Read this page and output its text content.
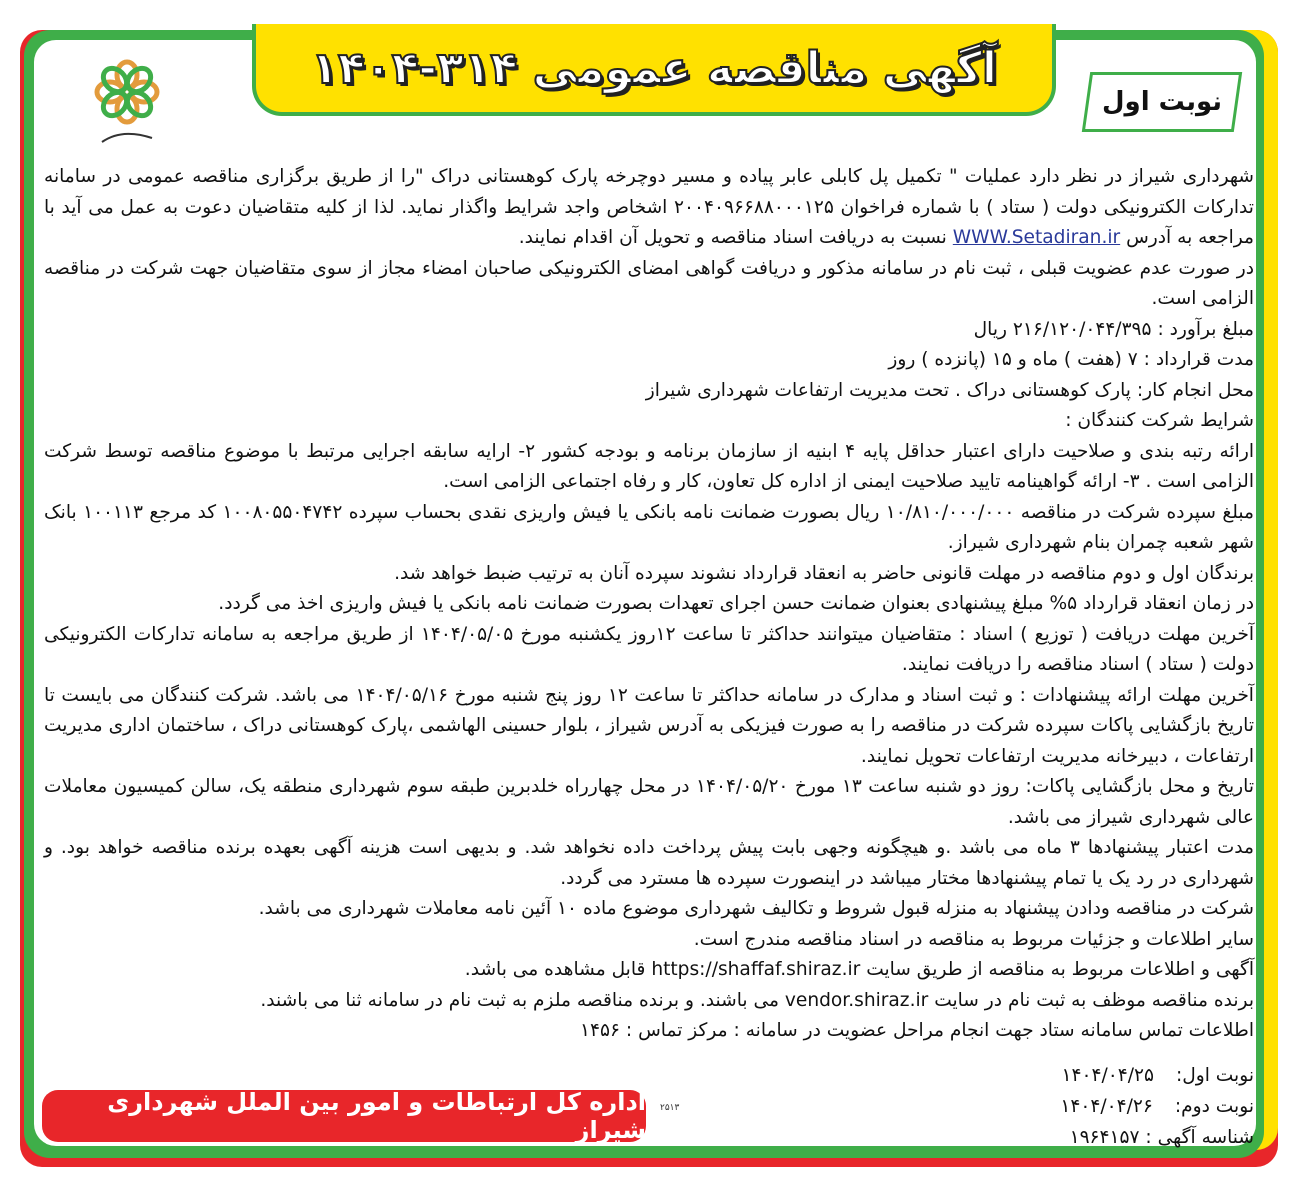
آگهی مناقصه عمومی ۳۱۴-۱۴۰۴
نوبت اول

شهرداری شیراز در نظر دارد عملیات " تکمیل پل کابلی عابر پیاده و مسیر دوچرخه پارک کوهستانی دراک "را از طریق برگزاری مناقصه عمومی در سامانه تدارکات الکترونیکی دولت ( ستاد ) با شماره فراخوان ۲۰۰۴۰۹۶۶۸۸۰۰۰۱۲۵ اشخاص واجد شرایط واگذار نماید. لذا از کلیه متقاضیان دعوت به عمل می آید با مراجعه به آدرس WWW.Setadiran.ir نسبت به دریافت اسناد مناقصه و تحویل آن اقدام نمایند.

در صورت عدم عضویت قبلی ، ثبت نام در سامانه مذکور و دریافت گواهی امضای الکترونیکی صاحبان امضاء مجاز از سوی متقاضیان جهت شرکت در مناقصه الزامی است.

مبلغ برآورد : ۲۱۶/۱۲۰/۰۴۴/۳۹۵ ریال

مدت قرارداد : ۷ (هفت ) ماه و ۱۵ (پانزده ) روز

محل انجام کار: پارک کوهستانی دراک . تحت مدیریت ارتفاعات شهرداری شیراز

شرایط شرکت کنندگان :

ارائه رتبه بندی و صلاحیت دارای اعتبار حداقل پایه ۴ ابنیه از سازمان برنامه و بودجه کشور ۲- ارایه سابقه اجرایی مرتبط با موضوع مناقصه توسط شرکت الزامی است . ۳- ارائه گواهینامه تایید صلاحیت ایمنی از اداره کل تعاون، کار و رفاه اجتماعی الزامی است.

مبلغ سپرده شرکت در مناقصه ۱۰/۸۱۰/۰۰۰/۰۰۰ ریال بصورت ضمانت نامه بانکی یا فیش واریزی نقدی بحساب سپرده ۱۰۰۸۰۵۵۰۴۷۴۲ کد مرجع ۱۰۰۱۱۳ بانک شهر شعبه چمران بنام شهرداری شیراز.

برندگان اول و دوم مناقصه در مهلت قانونی حاضر به انعقاد قرارداد نشوند سپرده آنان به ترتیب ضبط خواهد شد.

در زمان انعقاد قرارداد ۵% مبلغ پیشنهادی بعنوان ضمانت حسن اجرای تعهدات بصورت ضمانت نامه بانکی یا فیش واریزی اخذ می گردد.

آخرین مهلت دریافت ( توزیع ) اسناد : متقاضیان میتوانند حداکثر تا ساعت ۱۲روز یکشنبه مورخ ۱۴۰۴/۰۵/۰۵ از طریق مراجعه به سامانه تدارکات الکترونیکی دولت ( ستاد ) اسناد مناقصه را دریافت نمایند.

آخرین مهلت ارائه پیشنهادات : و ثبت اسناد و مدارک در سامانه حداکثر تا ساعت ۱۲ روز پنج شنبه مورخ ۱۴۰۴/۰۵/۱۶ می باشد. شرکت کنندگان می بایست تا تاریخ بازگشایی پاکات سپرده شرکت در مناقصه را به صورت فیزیکی به آدرس شیراز ، بلوار حسینی الهاشمی ،پارک کوهستانی دراک ، ساختمان اداری مدیریت ارتفاعات ، دبیرخانه مدیریت ارتفاعات تحویل نمایند.

تاریخ و محل بازگشایی پاکات: روز دو شنبه ساعت ۱۳ مورخ ۱۴۰۴/۰۵/۲۰ در محل چهارراه خلدبرین طبقه سوم شهرداری منطقه یک، سالن کمیسیون معاملات عالی شهرداری شیراز می باشد.

مدت اعتبار پیشنهادها ۳ ماه می باشد .و هیچگونه وجهی بابت پیش پرداخت داده نخواهد شد. و بدیهی است هزینه آگهی بعهده برنده مناقصه خواهد بود. و شهرداری در رد یک یا تمام پیشنهادها مختار میباشد در اینصورت سپرده ها مسترد می گردد.

شرکت در مناقصه ودادن پیشنهاد به منزله قبول شروط و تکالیف شهرداری موضوع ماده ۱۰ آئین نامه معاملات شهرداری می باشد.

سایر اطلاعات و جزئیات مربوط به مناقصه در اسناد مناقصه مندرج است.

آگهی و اطلاعات مربوط به مناقصه از طریق سایت https://shaffaf.shiraz.ir قابل مشاهده می باشد.

برنده مناقصه موظف به ثبت نام در سایت vendor.shiraz.ir می باشند. و برنده مناقصه ملزم به ثبت نام در سامانه ثنا می باشند.

اطلاعات تماس سامانه ستاد جهت انجام مراحل عضویت در سامانه : مرکز تماس : ۱۴۵۶

نوبت اول:۱۴۰۴/۰۴/۲۵
نوبت دوم:۱۴۰۴/۰۴/۲۶
شناسه آگهی : ۱۹۶۴۱۵۷
۲۵۱۳
اداره کل ارتباطات و امور بین الملل شهرداری شیراز
